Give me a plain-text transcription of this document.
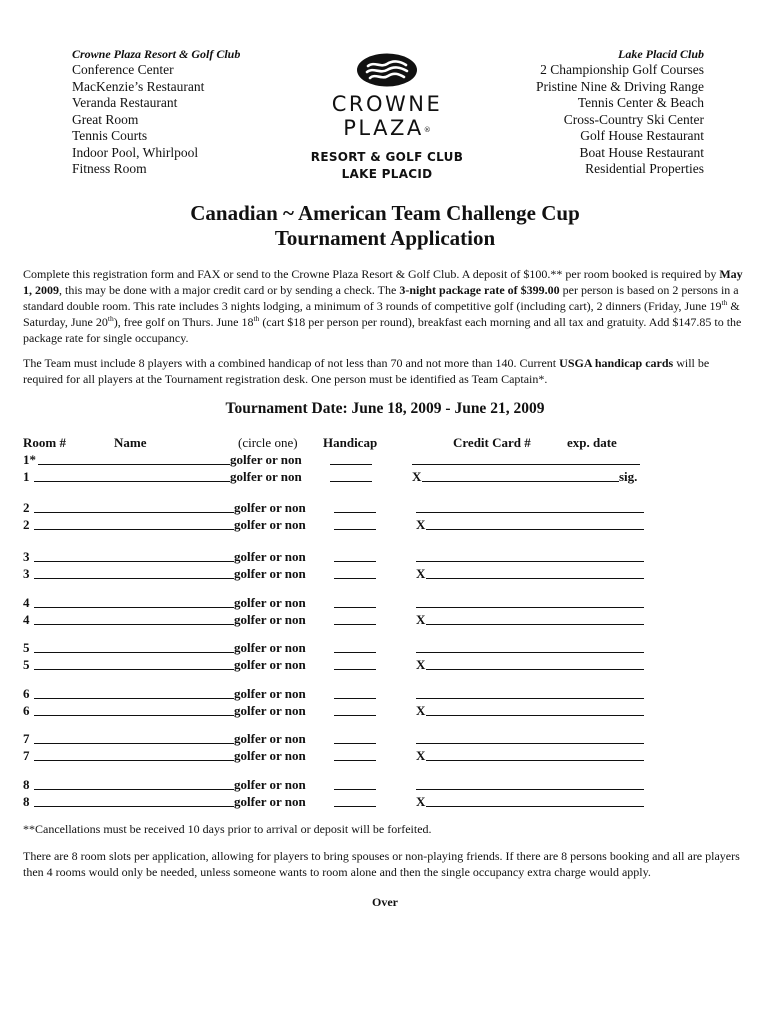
Crowne Plaza Resort & Golf Club
Conference Center
MacKenzie’s Restaurant
Veranda Restaurant
Great Room
Tennis Courts
Indoor Pool, Whirlpool
Fitness Room
CROWNE PLAZA®
RESORT & GOLF CLUB
LAKE PLACID
Lake Placid Club
2 Championship Golf Courses
Pristine Nine & Driving Range
Tennis Center & Beach
Cross-Country Ski Center
Golf House Restaurant
Boat House Restaurant
Residential Properties
Canadian ~ American Team Challenge Cup
Tournament Application
Complete this registration form and FAX or send to the Crowne Plaza Resort & Golf Club. A deposit of $100.** per room booked is required by May 1, 2009, this may be done with a major credit card or by sending a check. The 3-night package rate of $399.00 per person is based on 2 persons in a standard double room. This rate includes 3 nights lodging, a minimum of 3 rounds of competitive golf (including cart), 2 dinners (Friday, June 19th & Saturday, June 20th), free golf on Thurs. June 18th (cart $18 per person per round), breakfast each morning and all tax and gratuity. Add $147.85 to the package rate for single occupancy.
The Team must include 8 players with a combined handicap of not less than 70 and not more than 140. Current USGA handicap cards will be required for all players at the Tournament registration desk. One person must be identified as Team Captain*.
Tournament Date: June 18, 2009 - June 21, 2009
Room #	Name	(circle one) Handicap	Credit Card #	exp. date
1*	golfer or non
1	golfer or non	X	sig.
2	golfer or non
2	golfer or non	X
3	golfer or non
3	golfer or non	X
4	golfer or non
4	golfer or non	X
5	golfer or non
5	golfer or non	X
6	golfer or non
6	golfer or non	X
7	golfer or non
7	golfer or non	X
8	golfer or non
8	golfer or non	X
**Cancellations must be received 10 days prior to arrival or deposit will be forfeited.
There are 8 room slots per application, allowing for players to bring spouses or non-playing friends. If there are 8 persons booking and all are players then 4 rooms would only be needed, unless someone wants to room alone and then the single occupancy extra charge would apply.
Over
